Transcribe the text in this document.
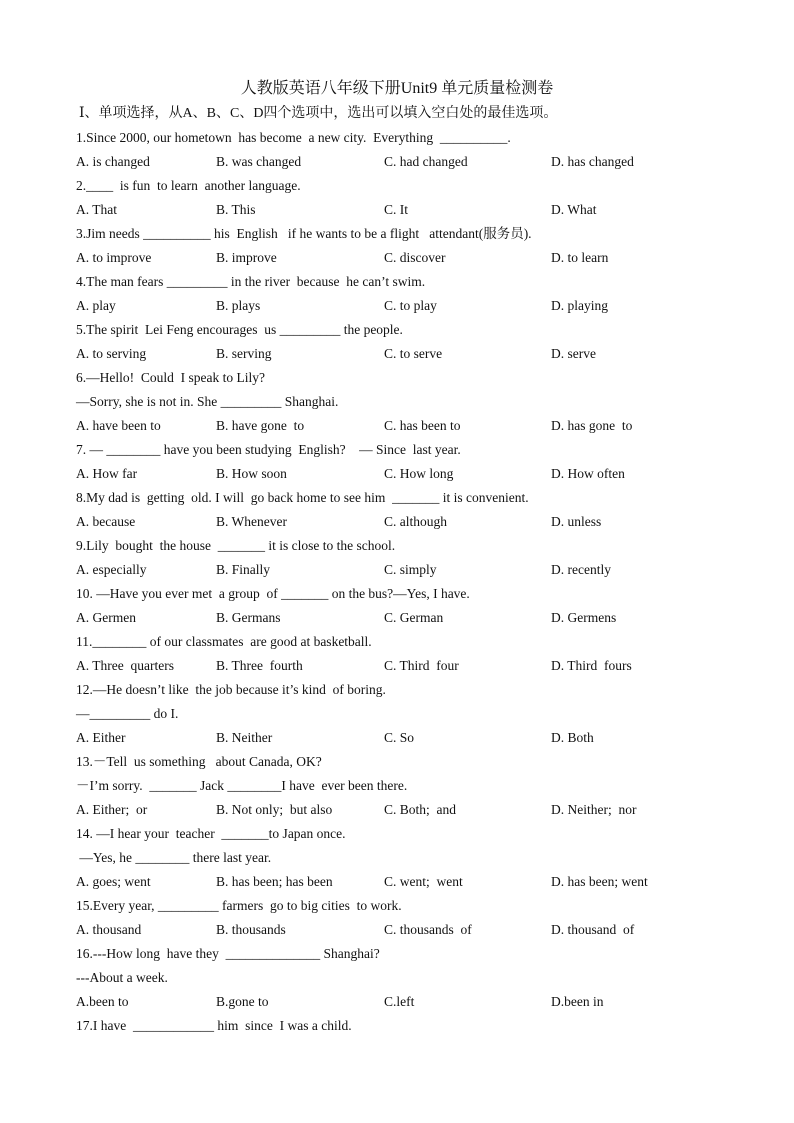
人教版英语八年级下册Unit9 单元质量检测卷
Ⅰ、单项选择，从A、B、C、D四个选项中，选出可以填入空白处的最佳选项。
1.Since 2000, our hometown  has become  a new city.  Everything  __________.
A. is changed	B. was changed	C. had changed	D. has changed
2.____  is fun  to learn  another language.
A. That	B. This	C. It	D. What
3.Jim needs __________ his  English   if he wants to be a flight   attendant(服务员).
A. to improve	B. improve	C. discover	D. to learn
4.The man fears _________ in the river  because  he can’t swim.
A. play	B. plays	C. to play	D. playing
5.The spirit  Lei Feng encourages  us _________ the people.
A. to serving	B. serving	C. to serve	D. serve
6.—Hello!  Could  I speak to Lily?
—Sorry, she is not in. She _________ Shanghai.
A. have been to	B. have gone  to	C. has been to	D. has gone  to
7. — ________ have you been studying  English?    — Since  last year.
A. How far	B. How soon	C. How long	D. How often
8.My dad is  getting  old. I will  go back home to see him  _______ it is convenient.
A. because	B. Whenever	C. although	D. unless
9.Lily  bought  the house  _______ it is close to the school.
A. especially	B. Finally	C. simply	D. recently
10. —Have you ever met  a group  of _______ on the bus?—Yes, I have.
A. Germen	B. Germans	C. German	D. Germens
11.________ of our classmates  are good at basketball.
A. Three  quarters	B. Three  fourth	C. Third  four	D. Third  fours
12.—He doesn’t like  the job because it’s kind  of boring.
—_________ do I.
A. Either	B. Neither	C. So	D. Both
13.－Tell  us something   about Canada, OK?
－I’m sorry.  _______ Jack ________I have  ever been there.
A. Either;  or	B. Not only;  but also	C. Both;  and	D. Neither;  nor
14. —I hear your  teacher  _______to Japan once.
—Yes, he ________ there last year.
A. goes; went	B. has been; has been	C. went;  went	D. has been; went
15.Every year, _________ farmers  go to big cities  to work.
A. thousand	B. thousands	C. thousands  of	D. thousand  of
16.---How long  have they  ______________ Shanghai?
---About a week.
A.been to	B.gone to	C.left	D.been in
17.I have  ____________ him  since  I was a child.
